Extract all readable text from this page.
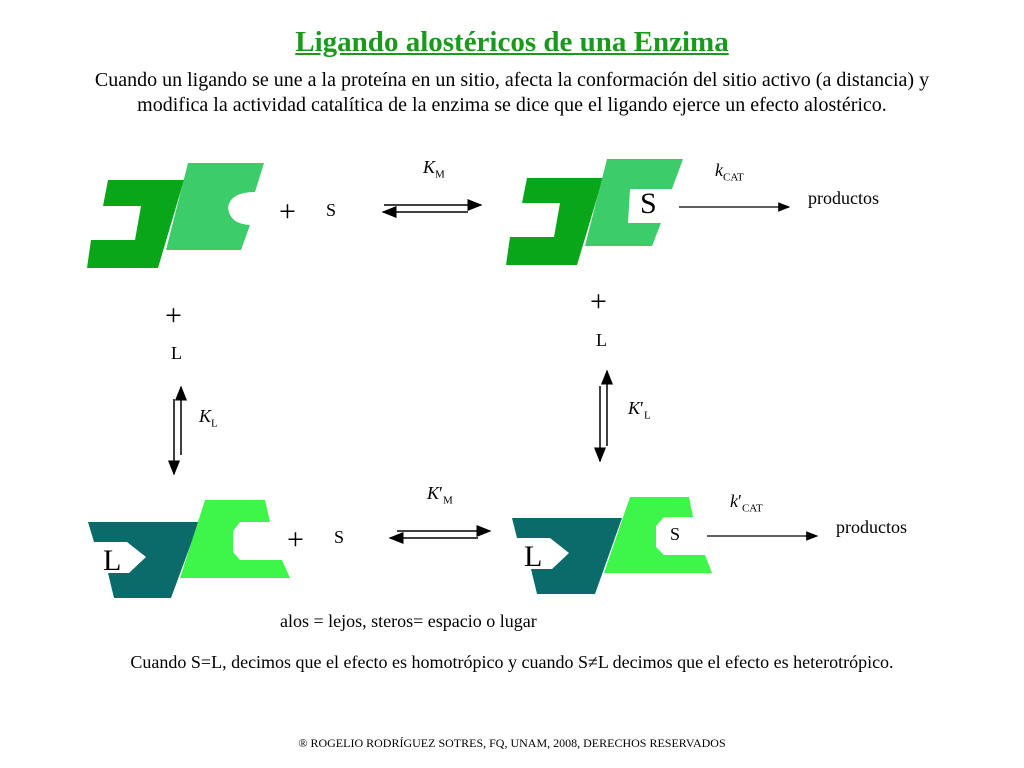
Ligando alostéricos de una Enzima
Cuando un ligando se une a la proteína en un sitio, afecta la conformación del sitio activo (a distancia) y modifica la actividad catalítica de la enzima se dice que el ligando ejerce un efecto alostérico.
+ S
$K_M$
S
$k_{CAT}$
productos
+
L
$K_L$
+
L
$K'_L$
L
+ S
$K'_M$
L
S
$k'_{CAT}$
productos
alos = lejos, steros= espacio o lugar
Cuando S=L, decimos que el efecto es homotrópico y cuando S≠L decimos que el efecto es heterotrópico.
® ROGELIO RODRÍGUEZ SOTRES, FQ, UNAM, 2008, DERECHOS RESERVADOS
